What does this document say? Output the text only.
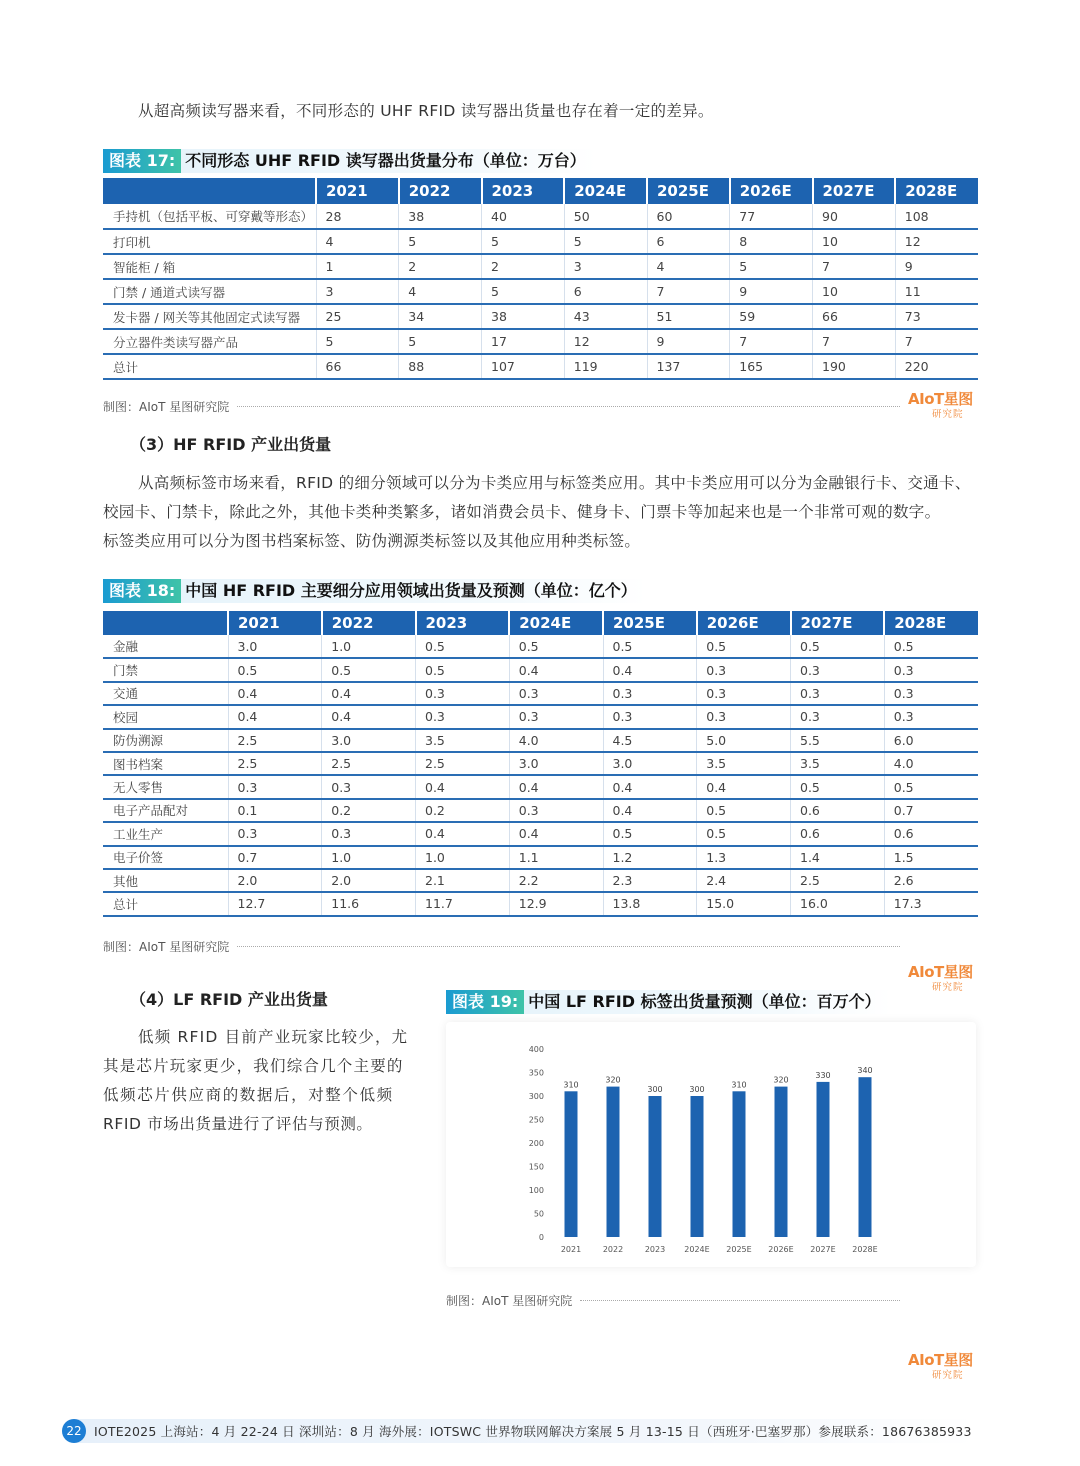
从超高频读写器来看，不同形态的 UHF RFID 读写器出货量也存在着一定的差异。
图表 17: 不同形态 UHF RFID 读写器出货量分布（单位：万台）
	2021	2022	2023	2024E	2025E	2026E	2027E	2028E
手持机（包括平板、可穿戴等形态）	28	38	40	50	60	77	90	108
打印机	4	5	5	5	6	8	10	12
智能柜 / 箱	1	2	2	3	4	5	7	9
门禁 / 通道式读写器	3	4	5	6	7	9	10	11
发卡器 / 网关等其他固定式读写器	25	34	38	43	51	59	66	73
分立器件类读写器产品	5	5	17	12	9	7	7	7
总计	66	88	107	119	137	165	190	220
制图：AIoT 星图研究院	AIoT星图
研究院
（3）HF RFID 产业出货量
从高频标签市场来看，RFID 的细分领域可以分为卡类应用与标签类应用。其中卡类应用可以分为金融银行卡、交通卡、
校园卡、门禁卡，除此之外，其他卡类种类繁多，诸如消费会员卡、健身卡、门票卡等加起来也是一个非常可观的数字。
标签类应用可以分为图书档案标签、防伪溯源类标签以及其他应用种类标签。
图表 18: 中国 HF RFID 主要细分应用领域出货量及预测（单位：亿个）
	2021	2022	2023	2024E	2025E	2026E	2027E	2028E
金融	3.0	1.0	0.5	0.5	0.5	0.5	0.5	0.5
门禁	0.5	0.5	0.5	0.4	0.4	0.3	0.3	0.3
交通	0.4	0.4	0.3	0.3	0.3	0.3	0.3	0.3
校园	0.4	0.4	0.3	0.3	0.3	0.3	0.3	0.3
防伪溯源	2.5	3.0	3.5	4.0	4.5	5.0	5.5	6.0
图书档案	2.5	2.5	2.5	3.0	3.0	3.5	3.5	4.0
无人零售	0.3	0.3	0.4	0.4	0.4	0.4	0.5	0.5
电子产品配对	0.1	0.2	0.2	0.3	0.4	0.5	0.6	0.7
工业生产	0.3	0.3	0.4	0.4	0.5	0.5	0.6	0.6
电子价签	0.7	1.0	1.0	1.1	1.2	1.3	1.4	1.5
其他	2.0	2.0	2.1	2.2	2.3	2.4	2.5	2.6
总计	12.7	11.6	11.7	12.9	13.8	15.0	16.0	17.3
制图：AIoT 星图研究院
AIoT星图
研究院
（4）LF RFID 产业出货量
低频 RFID 目前产业玩家比较少，尤
其是芯片玩家更少，我们综合几个主要的
低频芯片供应商的数据后，对整个低频
RFID 市场出货量进行了评估与预测。
图表 19: 中国 LF RFID 标签出货量预测（单位：百万个）
0
50
100
150
200
250
300
350
400
310
2021
320
2022
300
2023
300
2024E
310
2025E
320
2026E
330
2027E
340
2028E
制图：AIoT 星图研究院
AIoT星图
研究院
22 IOTE2025 上海站：4 月 22-24 日 深圳站：8 月 海外展：IOTSWC 世界物联网解决方案展 5 月 13-15 日（西班牙·巴塞罗那）参展联系：18676385933
